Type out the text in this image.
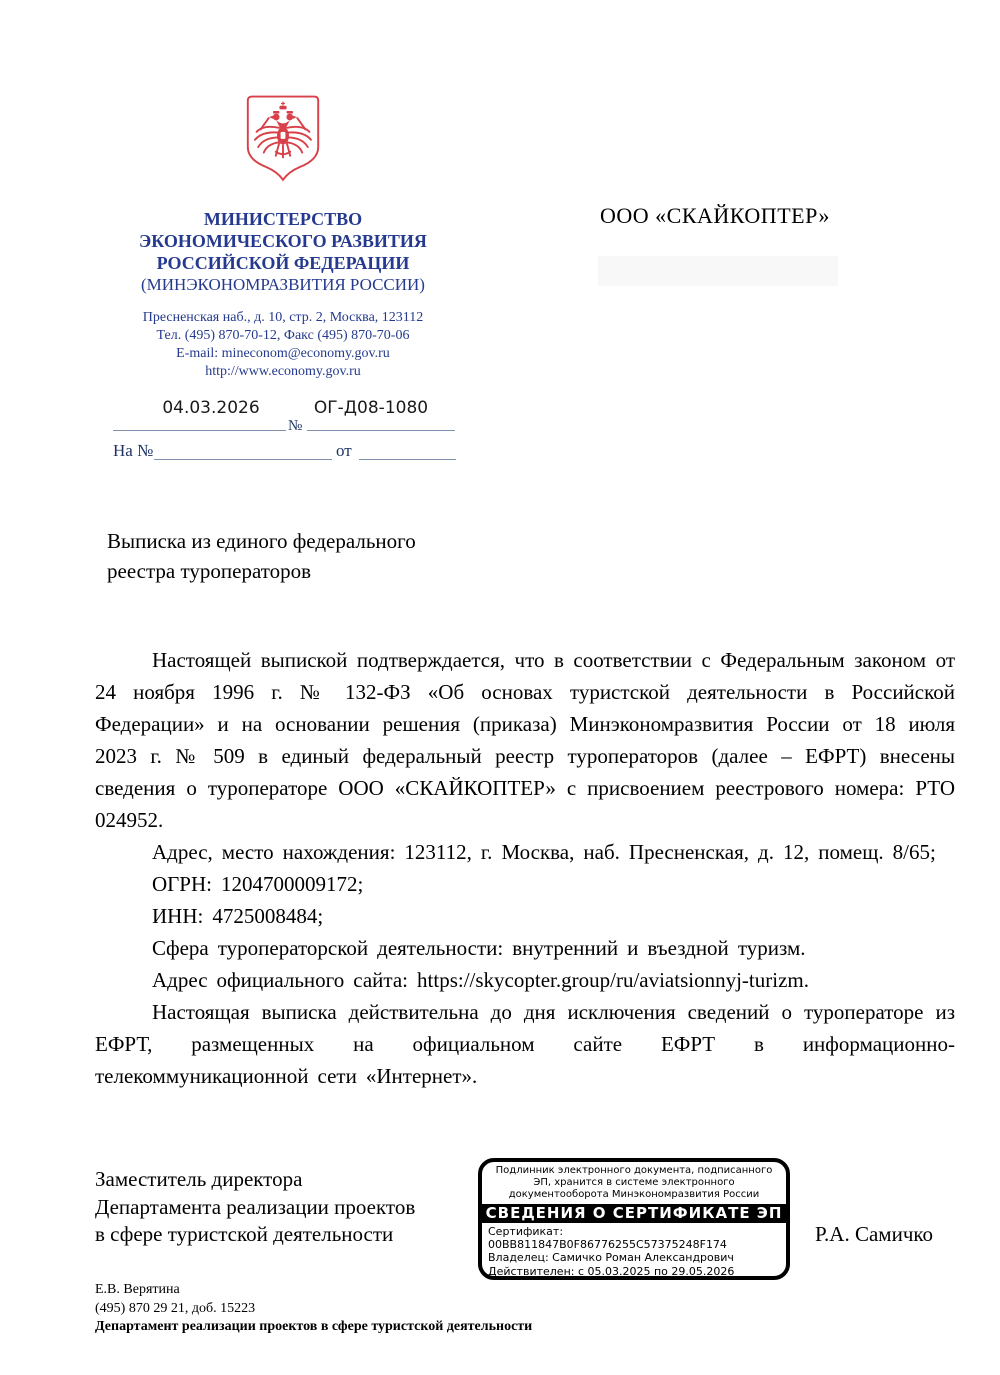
МИНИСТЕРСТВО
ЭКОНОМИЧЕСКОГО РАЗВИТИЯ
РОССИЙСКОЙ ФЕДЕРАЦИИ
(МИНЭКОНОМРАЗВИТИЯ РОССИИ)
Пресненская наб., д. 10, стр. 2, Москва, 123112
Тел. (495) 870-70-12, Факс (495) 870-70-06
E-mail: mineconom@economy.gov.ru
http://www.economy.gov.ru
04.03.2026	ОГ-Д08-1080
№
На №	от
ООО «СКАЙКОПТЕР»
Выписка из единого федерального реестра туроператоров

Настоящей выпиской подтверждается, что в соответствии с Федеральным законом от 24 ноября 1996 г. № 132-ФЗ «Об основах туристской деятельности в Российской Федерации» и на основании решения (приказа) Минэкономразвития России от 18 июля 2023 г. № 509 в единый федеральный реестр туроператоров (далее – ЕФРТ) внесены сведения о туроператоре ООО «СКАЙКОПТЕР» с присвоением реестрового номера: РТО 024952.

Адрес, место нахождения: 123112, г. Москва, наб. Пресненская, д. 12, помещ. 8/65;

ОГРН: 1204700009172;

ИНН: 4725008484;

Сфера туроператорской деятельности: внутренний и въездной туризм.

Адрес официального сайта: https://skycopter.group/ru/aviatsionnyj-turizm.

Настоящая выписка действительна до дня исключения сведений о туроператоре из ЕФРТ, размещенных на официальном сайте ЕФРТ в информационно-телекоммуникационной сети «Интернет».

Заместитель директора
Департамента реализации проектов
в сфере туристской деятельности
Подлинник электронного документа, подписанного ЭП, хранится в системе электронного документооборота Минэкономразвития России
СВЕДЕНИЯ О СЕРТИФИКАТЕ ЭП
Сертификат:
00BB811847B0F86776255C57375248F174
Владелец: Самичко Роман Александрович
Действителен: с 05.03.2025 по 29.05.2026
Р.А. Самичко
Е.В. Верятина
(495) 870 29 21, доб. 15223
Департамент реализации проектов в сфере туристской деятельности
